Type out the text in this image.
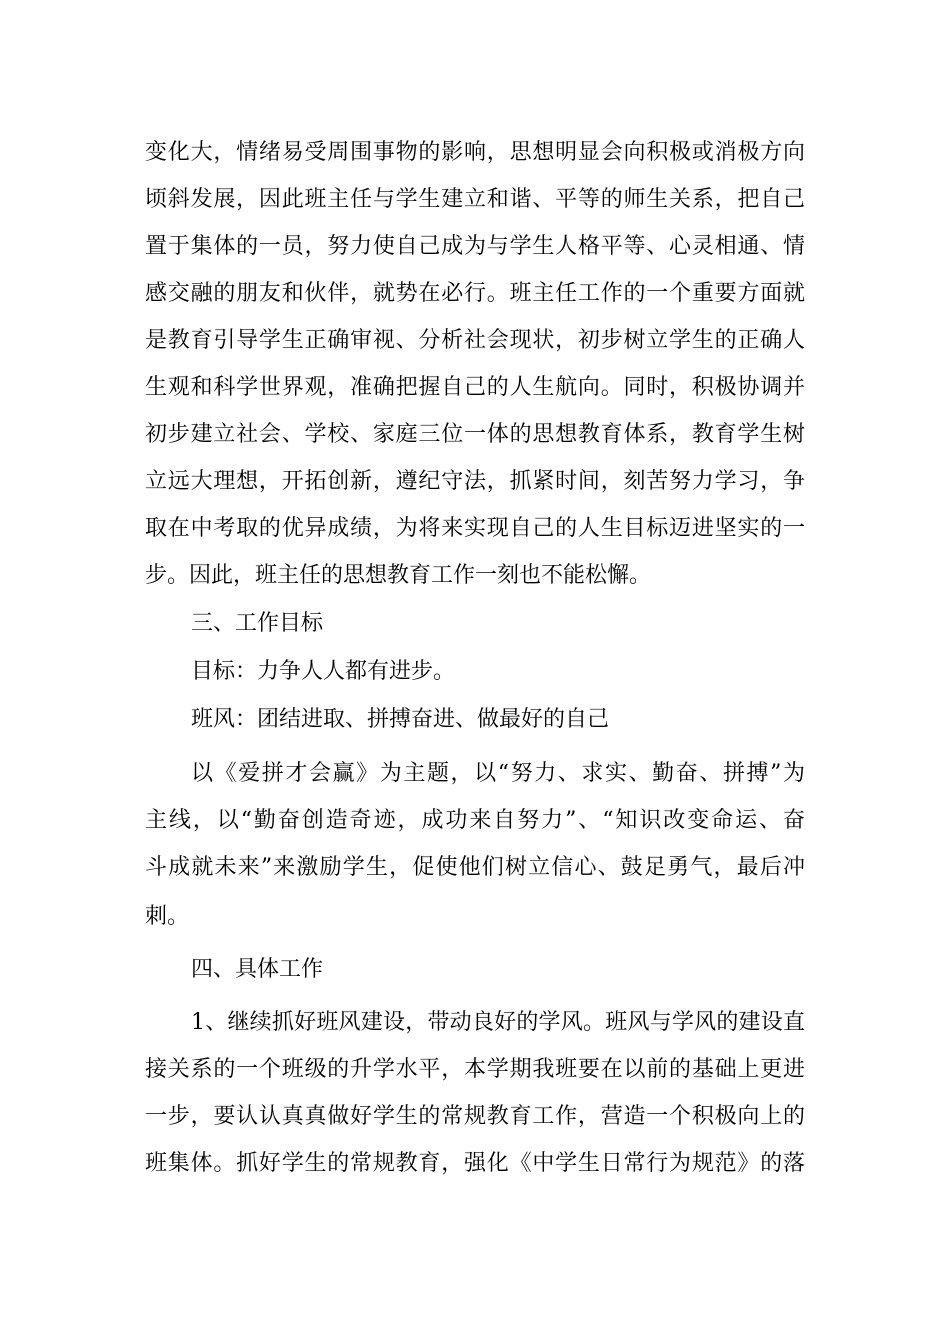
变化大，情绪易受周围事物的影响，思想明显会向积极或消极方向
顷斜发展，因此班主任与学生建立和谐、平等的师生关系，把自己
置于集体的一员，努力使自己成为与学生人格平等、心灵相通、情
感交融的朋友和伙伴，就势在必行。班主任工作的一个重要方面就
是教育引导学生正确审视、分析社会现状，初步树立学生的正确人
生观和科学世界观，准确把握自己的人生航向。同时，积极协调并
初步建立社会、学校、家庭三位一体的思想教育体系，教育学生树
立远大理想，开拓创新，遵纪守法，抓紧时间，刻苦努力学习，争
取在中考取的优异成绩，为将来实现自己的人生目标迈进坚实的一
步。因此，班主任的思想教育工作一刻也不能松懈。
三、工作目标
目标：力争人人都有进步。
班风：团结进取、拼搏奋进、做最好的自己
以《爱拼才会赢》为主题，以“努力、求实、勤奋、拼搏”为
主线，以“勤奋创造奇迹，成功来自努力”、“知识改变命运、奋
斗成就未来”来激励学生，促使他们树立信心、鼓足勇气，最后冲
刺。
四、具体工作
1、继续抓好班风建设，带动良好的学风。班风与学风的建设直
接关系的一个班级的升学水平，本学期我班要在以前的基础上更进
一步，要认认真真做好学生的常规教育工作，营造一个积极向上的
班集体。抓好学生的常规教育，强化《中学生日常行为规范》的落
